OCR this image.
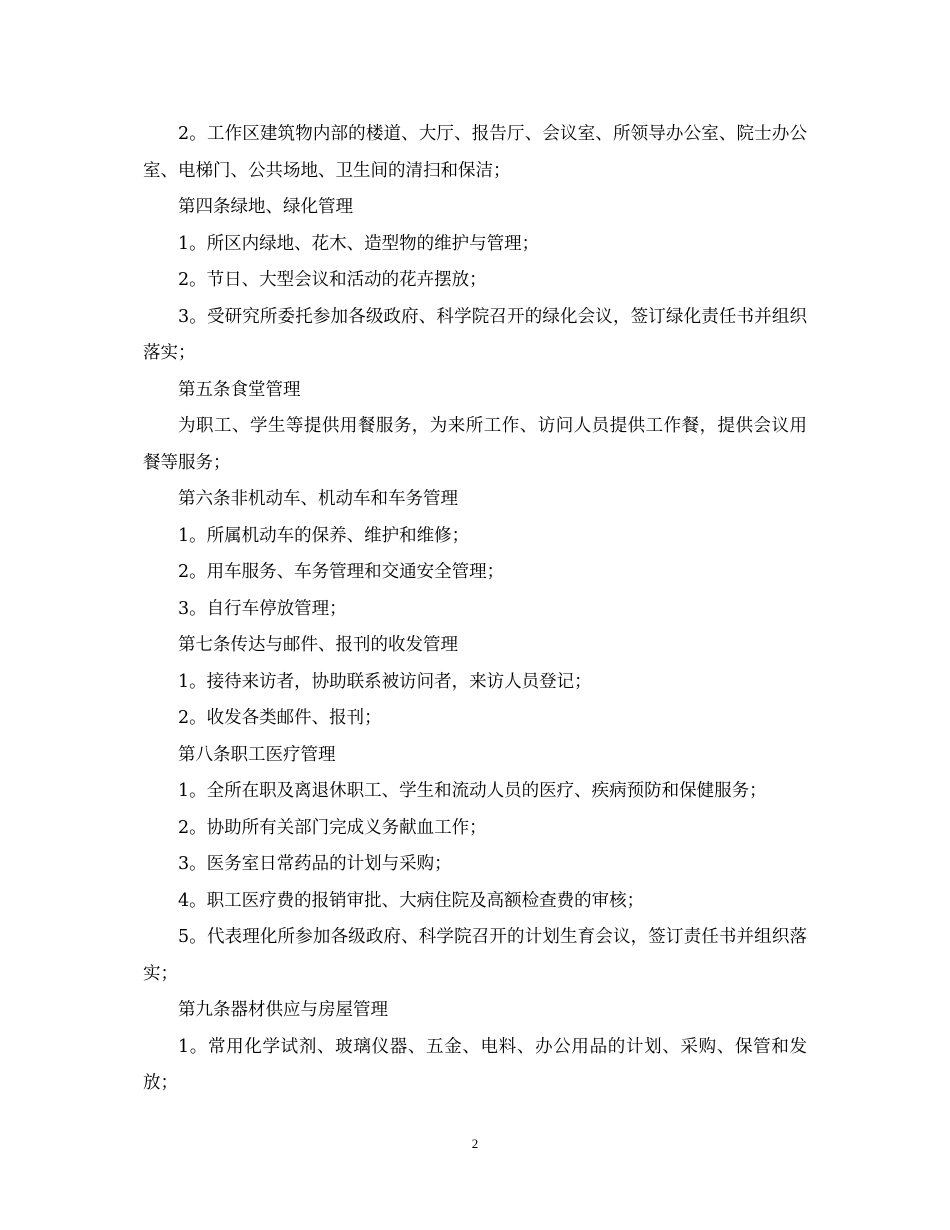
2。工作区建筑物内部的楼道、大厅、报告厅、会议室、所领导办公室、院士办公室、电梯门、公共场地、卫生间的清扫和保洁；

第四条绿地、绿化管理

1。所区内绿地、花木、造型物的维护与管理；

2。节日、大型会议和活动的花卉摆放；

3。受研究所委托参加各级政府、科学院召开的绿化会议，签订绿化责任书并组织落实；

第五条食堂管理

为职工、学生等提供用餐服务，为来所工作、访问人员提供工作餐，提供会议用餐等服务；

第六条非机动车、机动车和车务管理

1。所属机动车的保养、维护和维修；

2。用车服务、车务管理和交通安全管理；

3。自行车停放管理；

第七条传达与邮件、报刊的收发管理

1。接待来访者，协助联系被访问者，来访人员登记；

2。收发各类邮件、报刊；

第八条职工医疗管理

1。全所在职及离退休职工、学生和流动人员的医疗、疾病预防和保健服务；

2。协助所有关部门完成义务献血工作；

3。医务室日常药品的计划与采购；

4。职工医疗费的报销审批、大病住院及高额检查费的审核；

5。代表理化所参加各级政府、科学院召开的计划生育会议，签订责任书并组织落实；

第九条器材供应与房屋管理

1。常用化学试剂、玻璃仪器、五金、电料、办公用品的计划、采购、保管和发放；

2
